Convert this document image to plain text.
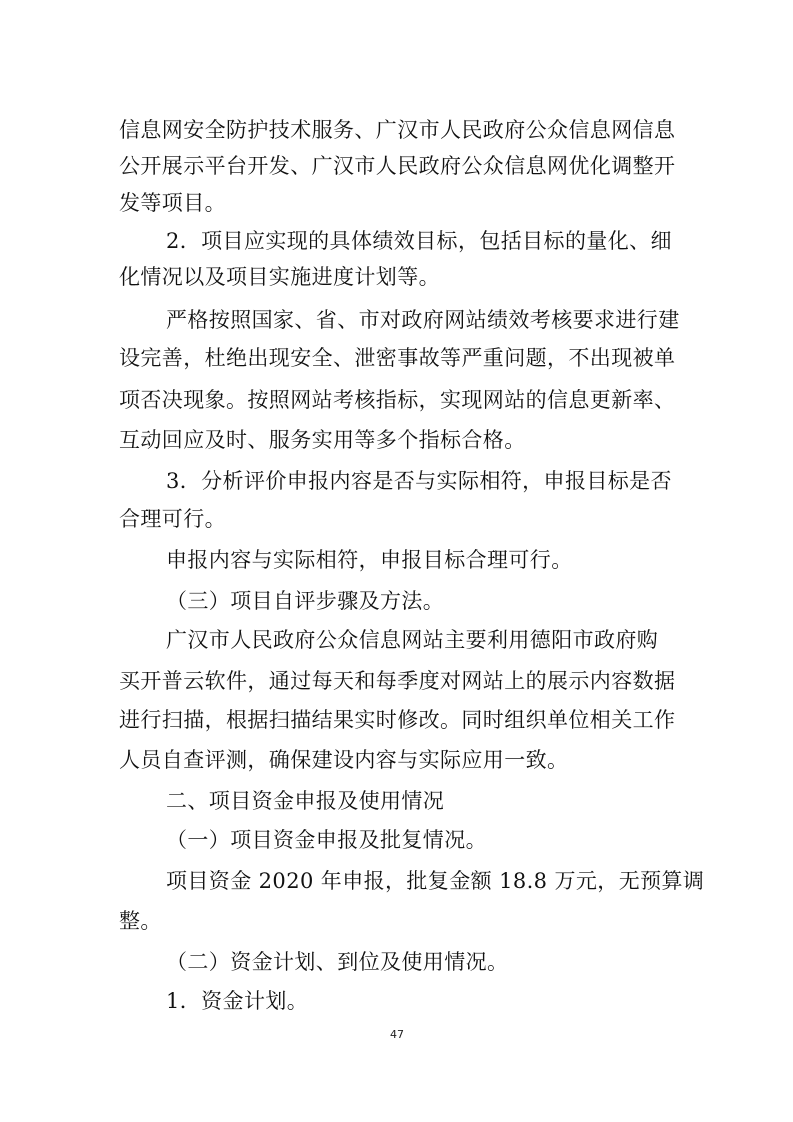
信息网安全防护技术服务、广汉市人民政府公众信息网信息
公开展示平台开发、广汉市人民政府公众信息网优化调整开
发等项目。
2．项目应实现的具体绩效目标，包括目标的量化、细
化情况以及项目实施进度计划等。
严格按照国家、省、市对政府网站绩效考核要求进行建
设完善，杜绝出现安全、泄密事故等严重问题，不出现被单
项否决现象。按照网站考核指标，实现网站的信息更新率、
互动回应及时、服务实用等多个指标合格。
3．分析评价申报内容是否与实际相符，申报目标是否
合理可行。
申报内容与实际相符，申报目标合理可行。
（三）项目自评步骤及方法。
广汉市人民政府公众信息网站主要利用德阳市政府购
买开普云软件，通过每天和每季度对网站上的展示内容数据
进行扫描，根据扫描结果实时修改。同时组织单位相关工作
人员自查评测，确保建设内容与实际应用一致。
二、项目资金申报及使用情况
（一）项目资金申报及批复情况。
项目资金 2020 年申报，批复金额 18.8 万元，无预算调
整。
（二）资金计划、到位及使用情况。
1．资金计划。
47
